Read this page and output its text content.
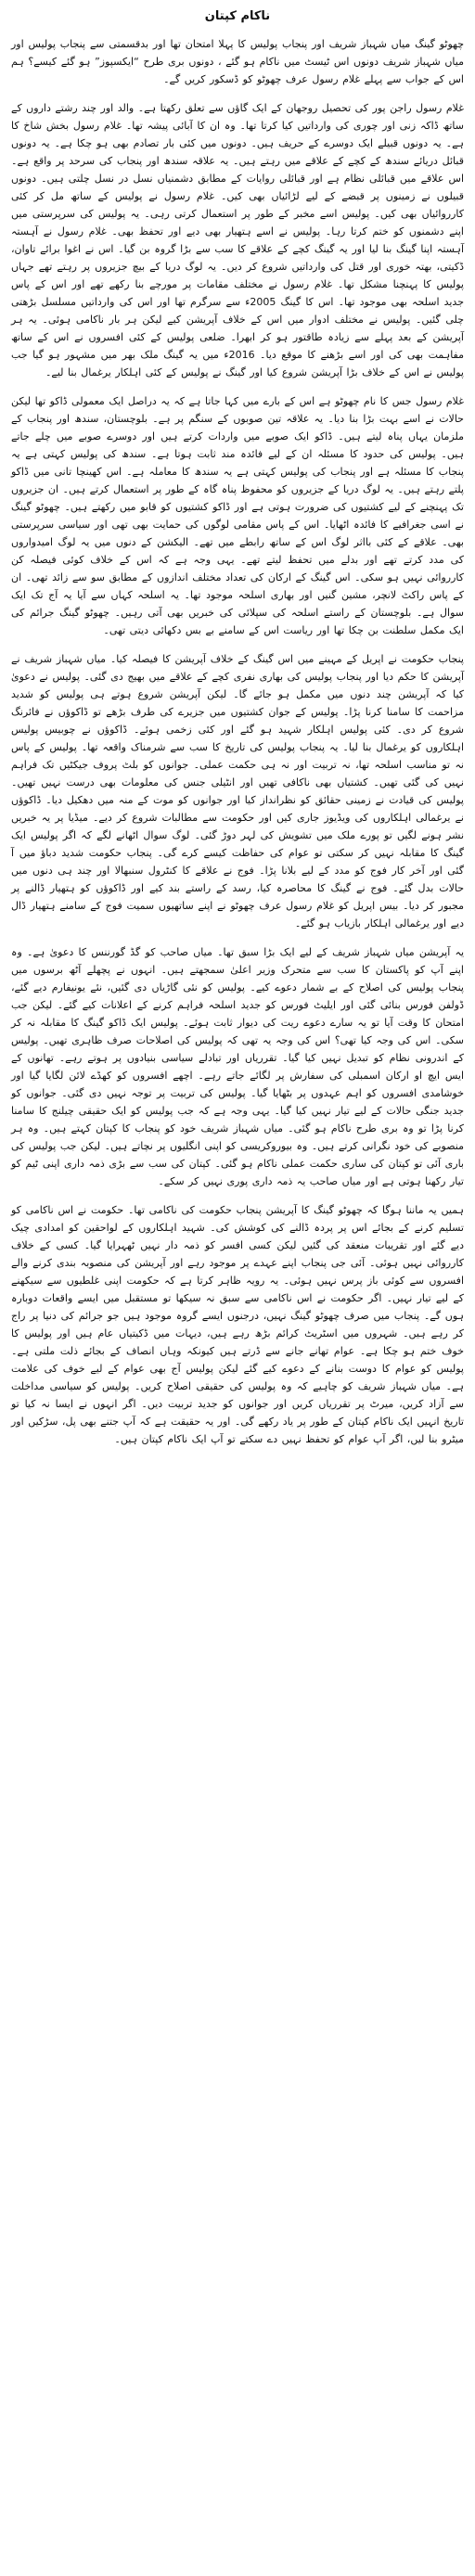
ناکام کپتان

چھوٹو گینگ میاں شہباز شریف اور پنجاب پولیس کا پہلا امتحان تھا اور بدقسمتی سے پنجاب پولیس اور میاں شہباز شریف دونوں اس ٹیسٹ میں ناکام ہو گئے ، دونوں بری طرح “ایکسپوز” ہو گئے کیسے؟ ہم اس کے جواب سے پہلے غلام رسول عرف چھوٹو کو ڈسکور کریں گے۔

غلام رسول راجن پور کی تحصیل روجھان کے ایک گاؤں سے تعلق رکھتا ہے۔ والد اور چند رشتے داروں کے ساتھ ڈاکہ زنی اور چوری کی وارداتیں کیا کرتا تھا۔ وہ ان کا آبائی پیشہ تھا۔ غلام رسول بخش شاخ کا ہے۔ یہ دونوں قبیلے ایک دوسرے کے حریف ہیں۔ دونوں میں کئی بار تصادم بھی ہو چکا ہے۔ یہ دونوں قبائل دریائے سندھ کے کچے کے علاقے میں رہتے ہیں۔ یہ علاقہ سندھ اور پنجاب کی سرحد پر واقع ہے۔ اس علاقے میں قبائلی نظام ہے اور قبائلی روایات کے مطابق دشمنیاں نسل در نسل چلتی ہیں۔ دونوں قبیلوں نے زمینوں پر قبضے کے لیے لڑائیاں بھی کیں۔ غلام رسول نے پولیس کے ساتھ مل کر کئی کارروائیاں بھی کیں۔ پولیس اسے مخبر کے طور پر استعمال کرتی رہی۔ یہ پولیس کی سرپرستی میں اپنے دشمنوں کو ختم کرتا رہا۔ پولیس نے اسے ہتھیار بھی دیے اور تحفظ بھی۔ غلام رسول نے آہستہ آہستہ اپنا گینگ بنا لیا اور یہ گینگ کچے کے علاقے کا سب سے بڑا گروہ بن گیا۔ اس نے اغوا برائے تاوان، ڈکیتی، بھتہ خوری اور قتل کی وارداتیں شروع کر دیں۔ یہ لوگ دریا کے بیچ جزیروں پر رہتے تھے جہاں پولیس کا پہنچنا مشکل تھا۔ غلام رسول نے مختلف مقامات پر مورچے بنا رکھے تھے اور اس کے پاس جدید اسلحہ بھی موجود تھا۔ اس کا گینگ 2005ء سے سرگرم تھا اور اس کی وارداتیں مسلسل بڑھتی چلی گئیں۔ پولیس نے مختلف ادوار میں اس کے خلاف آپریشن کیے لیکن ہر بار ناکامی ہوئی۔ یہ ہر آپریشن کے بعد پہلے سے زیادہ طاقتور ہو کر ابھرا۔ ضلعی پولیس کے کئی افسروں نے اس کے ساتھ مفاہمت بھی کی اور اسے بڑھنے کا موقع دیا۔ 2016ء میں یہ گینگ ملک بھر میں مشہور ہو گیا جب پولیس نے اس کے خلاف بڑا آپریشن شروع کیا اور گینگ نے پولیس کے کئی اہلکار یرغمال بنا لیے۔

غلام رسول جس کا نام چھوٹو ہے اس کے بارے میں کہا جاتا ہے کہ یہ دراصل ایک معمولی ڈاکو تھا لیکن حالات نے اسے بہت بڑا بنا دیا۔ یہ علاقہ تین صوبوں کے سنگم پر ہے۔ بلوچستان، سندھ اور پنجاب کے ملزمان یہاں پناہ لیتے ہیں۔ ڈاکو ایک صوبے میں واردات کرتے ہیں اور دوسرے صوبے میں چلے جاتے ہیں۔ پولیس کی حدود کا مسئلہ ان کے لیے فائدہ مند ثابت ہوتا ہے۔ سندھ کی پولیس کہتی ہے یہ پنجاب کا مسئلہ ہے اور پنجاب کی پولیس کہتی ہے یہ سندھ کا معاملہ ہے۔ اس کھینچا تانی میں ڈاکو پلتے رہتے ہیں۔ یہ لوگ دریا کے جزیروں کو محفوظ پناہ گاہ کے طور پر استعمال کرتے ہیں۔ ان جزیروں تک پہنچنے کے لیے کشتیوں کی ضرورت ہوتی ہے اور ڈاکو کشتیوں کو قابو میں رکھتے ہیں۔ چھوٹو گینگ نے اسی جغرافیے کا فائدہ اٹھایا۔ اس کے پاس مقامی لوگوں کی حمایت بھی تھی اور سیاسی سرپرستی بھی۔ علاقے کے کئی بااثر لوگ اس کے ساتھ رابطے میں تھے۔ الیکشن کے دنوں میں یہ لوگ امیدواروں کی مدد کرتے تھے اور بدلے میں تحفظ لیتے تھے۔ یہی وجہ ہے کہ اس کے خلاف کوئی فیصلہ کن کارروائی نہیں ہو سکی۔ اس گینگ کے ارکان کی تعداد مختلف اندازوں کے مطابق سو سے زائد تھی۔ ان کے پاس راکٹ لانچر، مشین گنیں اور بھاری اسلحہ موجود تھا۔ یہ اسلحہ کہاں سے آیا یہ آج تک ایک سوال ہے۔ بلوچستان کے راستے اسلحہ کی سپلائی کی خبریں بھی آتی رہیں۔ چھوٹو گینگ جرائم کی ایک مکمل سلطنت بن چکا تھا اور ریاست اس کے سامنے بے بس دکھائی دیتی تھی۔

پنجاب حکومت نے اپریل کے مہینے میں اس گینگ کے خلاف آپریشن کا فیصلہ کیا۔ میاں شہباز شریف نے آپریشن کا حکم دیا اور پنجاب پولیس کی بھاری نفری کچے کے علاقے میں بھیج دی گئی۔ پولیس نے دعویٰ کیا کہ آپریشن چند دنوں میں مکمل ہو جائے گا۔ لیکن آپریشن شروع ہوتے ہی پولیس کو شدید مزاحمت کا سامنا کرنا پڑا۔ پولیس کے جوان کشتیوں میں جزیرے کی طرف بڑھے تو ڈاکوؤں نے فائرنگ شروع کر دی۔ کئی پولیس اہلکار شہید ہو گئے اور کئی زخمی ہوئے۔ ڈاکوؤں نے چوبیس پولیس اہلکاروں کو یرغمال بنا لیا۔ یہ پنجاب پولیس کی تاریخ کا سب سے شرمناک واقعہ تھا۔ پولیس کے پاس نہ تو مناسب اسلحہ تھا، نہ تربیت اور نہ ہی حکمت عملی۔ جوانوں کو بلٹ پروف جیکٹیں تک فراہم نہیں کی گئی تھیں۔ کشتیاں بھی ناکافی تھیں اور انٹیلی جنس کی معلومات بھی درست نہیں تھیں۔ پولیس کی قیادت نے زمینی حقائق کو نظرانداز کیا اور جوانوں کو موت کے منہ میں دھکیل دیا۔ ڈاکوؤں نے یرغمالی اہلکاروں کی ویڈیوز جاری کیں اور حکومت سے مطالبات شروع کر دیے۔ میڈیا پر یہ خبریں نشر ہونے لگیں تو پورے ملک میں تشویش کی لہر دوڑ گئی۔ لوگ سوال اٹھانے لگے کہ اگر پولیس ایک گینگ کا مقابلہ نہیں کر سکتی تو عوام کی حفاظت کیسے کرے گی۔ پنجاب حکومت شدید دباؤ میں آ گئی اور آخر کار فوج کو مدد کے لیے بلانا پڑا۔ فوج نے علاقے کا کنٹرول سنبھالا اور چند ہی دنوں میں حالات بدل گئے۔ فوج نے گینگ کا محاصرہ کیا، رسد کے راستے بند کیے اور ڈاکوؤں کو ہتھیار ڈالنے پر مجبور کر دیا۔ بیس اپریل کو غلام رسول عرف چھوٹو نے اپنے ساتھیوں سمیت فوج کے سامنے ہتھیار ڈال دیے اور یرغمالی اہلکار بازیاب ہو گئے۔

یہ آپریشن میاں شہباز شریف کے لیے ایک بڑا سبق تھا۔ میاں صاحب کو گڈ گورننس کا دعویٰ ہے۔ وہ اپنے آپ کو پاکستان کا سب سے متحرک وزیر اعلیٰ سمجھتے ہیں۔ انہوں نے پچھلے آٹھ برسوں میں پنجاب پولیس کی اصلاح کے بے شمار دعوے کیے۔ پولیس کو نئی گاڑیاں دی گئیں، نئے یونیفارم دیے گئے، ڈولفن فورس بنائی گئی اور ایلیٹ فورس کو جدید اسلحہ فراہم کرنے کے اعلانات کیے گئے۔ لیکن جب امتحان کا وقت آیا تو یہ سارے دعوے ریت کی دیوار ثابت ہوئے۔ پولیس ایک ڈاکو گینگ کا مقابلہ نہ کر سکی۔ اس کی وجہ کیا تھی؟ اس کی وجہ یہ تھی کہ پولیس کی اصلاحات صرف ظاہری تھیں۔ پولیس کے اندرونی نظام کو تبدیل نہیں کیا گیا۔ تقرریاں اور تبادلے سیاسی بنیادوں پر ہوتے رہے۔ تھانوں کے ایس ایچ او ارکان اسمبلی کی سفارش پر لگائے جاتے رہے۔ اچھے افسروں کو کھڈے لائن لگایا گیا اور خوشامدی افسروں کو اہم عہدوں پر بٹھایا گیا۔ پولیس کی تربیت پر توجہ نہیں دی گئی۔ جوانوں کو جدید جنگی حالات کے لیے تیار نہیں کیا گیا۔ یہی وجہ ہے کہ جب پولیس کو ایک حقیقی چیلنج کا سامنا کرنا پڑا تو وہ بری طرح ناکام ہو گئی۔ میاں شہباز شریف خود کو پنجاب کا کپتان کہتے ہیں۔ وہ ہر منصوبے کی خود نگرانی کرتے ہیں۔ وہ بیوروکریسی کو اپنی انگلیوں پر نچاتے ہیں۔ لیکن جب پولیس کی باری آئی تو کپتان کی ساری حکمت عملی ناکام ہو گئی۔ کپتان کی سب سے بڑی ذمہ داری اپنی ٹیم کو تیار رکھنا ہوتی ہے اور میاں صاحب یہ ذمہ داری پوری نہیں کر سکے۔

ہمیں یہ ماننا ہوگا کہ چھوٹو گینگ کا آپریشن پنجاب حکومت کی ناکامی تھا۔ حکومت نے اس ناکامی کو تسلیم کرنے کے بجائے اس پر پردہ ڈالنے کی کوشش کی۔ شہید اہلکاروں کے لواحقین کو امدادی چیک دیے گئے اور تقریبات منعقد کی گئیں لیکن کسی افسر کو ذمہ دار نہیں ٹھہرایا گیا۔ کسی کے خلاف کارروائی نہیں ہوئی۔ آئی جی پنجاب اپنے عہدے پر موجود رہے اور آپریشن کی منصوبہ بندی کرنے والے افسروں سے کوئی باز پرس نہیں ہوئی۔ یہ رویہ ظاہر کرتا ہے کہ حکومت اپنی غلطیوں سے سیکھنے کے لیے تیار نہیں۔ اگر حکومت نے اس ناکامی سے سبق نہ سیکھا تو مستقبل میں ایسے واقعات دوبارہ ہوں گے۔ پنجاب میں صرف چھوٹو گینگ نہیں، درجنوں ایسے گروہ موجود ہیں جو جرائم کی دنیا پر راج کر رہے ہیں۔ شہروں میں اسٹریٹ کرائم بڑھ رہے ہیں، دیہات میں ڈکیتیاں عام ہیں اور پولیس کا خوف ختم ہو چکا ہے۔ عوام تھانے جانے سے ڈرتے ہیں کیونکہ وہاں انصاف کے بجائے ذلت ملتی ہے۔ پولیس کو عوام کا دوست بنانے کے دعوے کیے گئے لیکن پولیس آج بھی عوام کے لیے خوف کی علامت ہے۔ میاں شہباز شریف کو چاہیے کہ وہ پولیس کی حقیقی اصلاح کریں۔ پولیس کو سیاسی مداخلت سے آزاد کریں، میرٹ پر تقرریاں کریں اور جوانوں کو جدید تربیت دیں۔ اگر انہوں نے ایسا نہ کیا تو تاریخ انہیں ایک ناکام کپتان کے طور پر یاد رکھے گی۔ اور یہ حقیقت ہے کہ آپ جتنے بھی پل، سڑکیں اور میٹرو بنا لیں، اگر آپ عوام کو تحفظ نہیں دے سکتے تو آپ ایک ناکام کپتان ہیں۔
